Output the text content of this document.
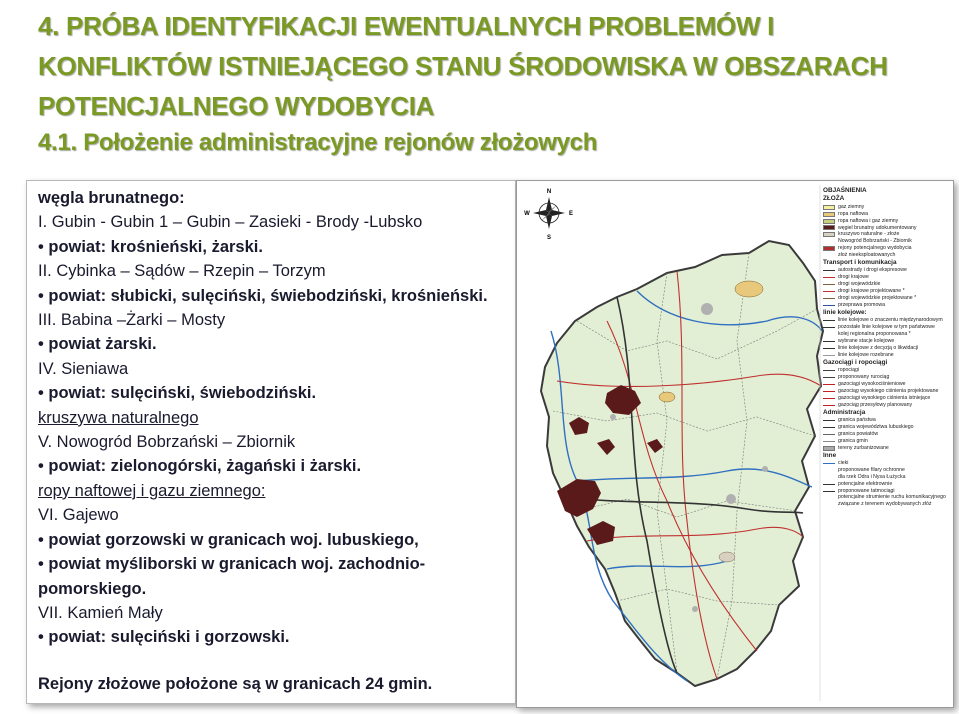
4. PRÓBA IDENTYFIKACJI EWENTUALNYCH PROBLEMÓW I KONFLIKTÓW ISTNIEJĄCEGO STANU ŚRODOWISKA W OBSZARACH POTENCJALNEGO WYDOBYCIA
4.1. Położenie administracyjne rejonów złożowych
węgla brunatnego:
I. Gubin - Gubin 1 – Gubin – Zasieki - Brody -Lubsko
• powiat: krośnieński, żarski.
II. Cybinka – Sądów – Rzepin – Torzym
• powiat: słubicki, sulęciński, świebodziński, krośnieński.
III. Babina –Żarki – Mosty
• powiat żarski.
IV. Sieniawa
• powiat: sulęciński, świebodziński.
kruszywa naturalnego
V. Nowogród Bobrzański – Zbiornik
• powiat: zielonogórski, żagański i żarski.
ropy naftowej i gazu ziemnego:
VI. Gajewo
• powiat gorzowski w granicach woj. lubuskiego,
• powiat myśliborski w granicach woj. zachodnio-
pomorskiego.
VII. Kamień Mały
• powiat: sulęciński i gorzowski.
Rejony złożowe położone są w granicach 24 gmin.
N
S
E
W
OBJAŚNIENIA
ZŁOŻA
gaz ziemny
ropa naftowa
ropa naftowa i gaz ziemny
węgiel brunatny udokumentowany
kruszywo naturalne - złoże
Nowogród Bobrzański - Zbiornik
rejony potencjalnego wydobycia
złoż nieeksploatowanych
Transport i komunikacja
autostrady i drogi ekspresowe
drogi krajowe
drogi wojewódzkie
drogi krajowe projektowane *
drogi wojewódzkie projektowane *
przeprawa promowa
linie kolejowe:
linie kolejowe o znaczeniu międzynarodowym
pozostałe linie kolejowe w tym państwowe
kolej regionalna proponowana *
wybrane stacje kolejowe
linie kolejowe z decyzją o likwidacji
linie kolejowe rozebrane
Gazociągi i ropociągi
ropociągi
proponowany rurociąg
gazociągi wysokociśnieniowe
gazociąg wysokiego ciśnienia projektowane
gazociągi wysokiego ciśnienia istniejące
gazociąg przesyłowy planowany
Administracja
granica państwa
granica województwa lubuskiego
granica powiatów
granica gmin
tereny zurbanizowane
Inne
cieki
proponowane filary ochronne
dla rzek Odra i Nysa Łużycka
potencjalne elektrownie
proponowane tatmociągi
potencjalne strumienie ruchu komunikacyjnego
związane z terenem wydobywanych złóż
